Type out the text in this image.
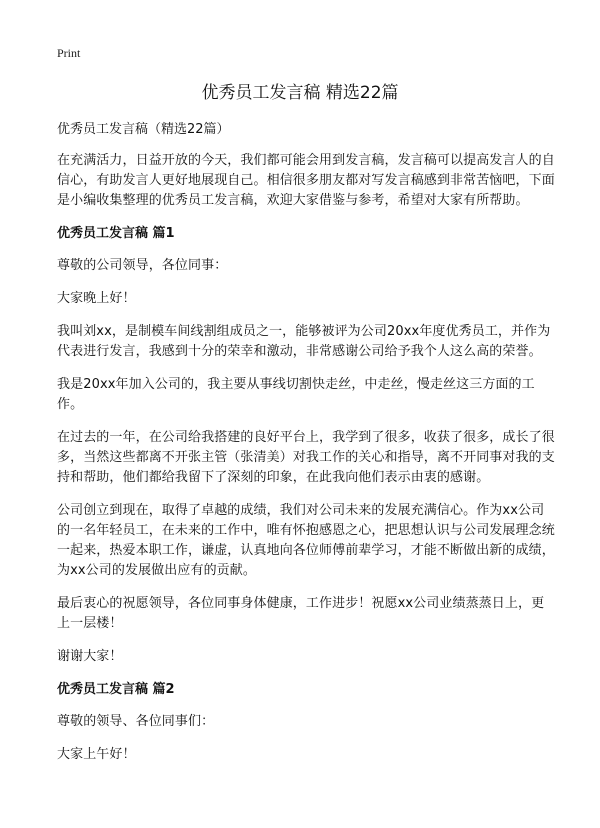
Print
优秀员工发言稿 精选22篇

优秀员工发言稿（精选22篇）

在充满活力，日益开放的今天，我们都可能会用到发言稿，发言稿可以提高发言人的自信心，有助发言人更好地展现自己。相信很多朋友都对写发言稿感到非常苦恼吧，下面是小编收集整理的优秀员工发言稿，欢迎大家借鉴与参考，希望对大家有所帮助。

优秀员工发言稿 篇1

尊敬的公司领导，各位同事：

大家晚上好！

我叫刘xx，是制模车间线割组成员之一，能够被评为公司20xx年度优秀员工，并作为代表进行发言，我感到十分的荣幸和激动，非常感谢公司给予我个人这么高的荣誉。

我是20xx年加入公司的，我主要从事线切割快走丝，中走丝，慢走丝这三方面的工作。

在过去的一年，在公司给我搭建的良好平台上，我学到了很多，收获了很多，成长了很多，当然这些都离不开张主管（张清美）对我工作的关心和指导，离不开同事对我的支持和帮助，他们都给我留下了深刻的印象，在此我向他们表示由衷的感谢。

公司创立到现在，取得了卓越的成绩，我们对公司未来的发展充满信心。作为xx公司的一名年轻员工，在未来的工作中，唯有怀抱感恩之心，把思想认识与公司发展理念统一起来，热爱本职工作，谦虚，认真地向各位师傅前辈学习，才能不断做出新的成绩，为xx公司的发展做出应有的贡献。

最后衷心的祝愿领导，各位同事身体健康，工作进步！祝愿xx公司业绩蒸蒸日上，更上一层楼！

谢谢大家！

优秀员工发言稿 篇2

尊敬的领导、各位同事们：

大家上午好！
